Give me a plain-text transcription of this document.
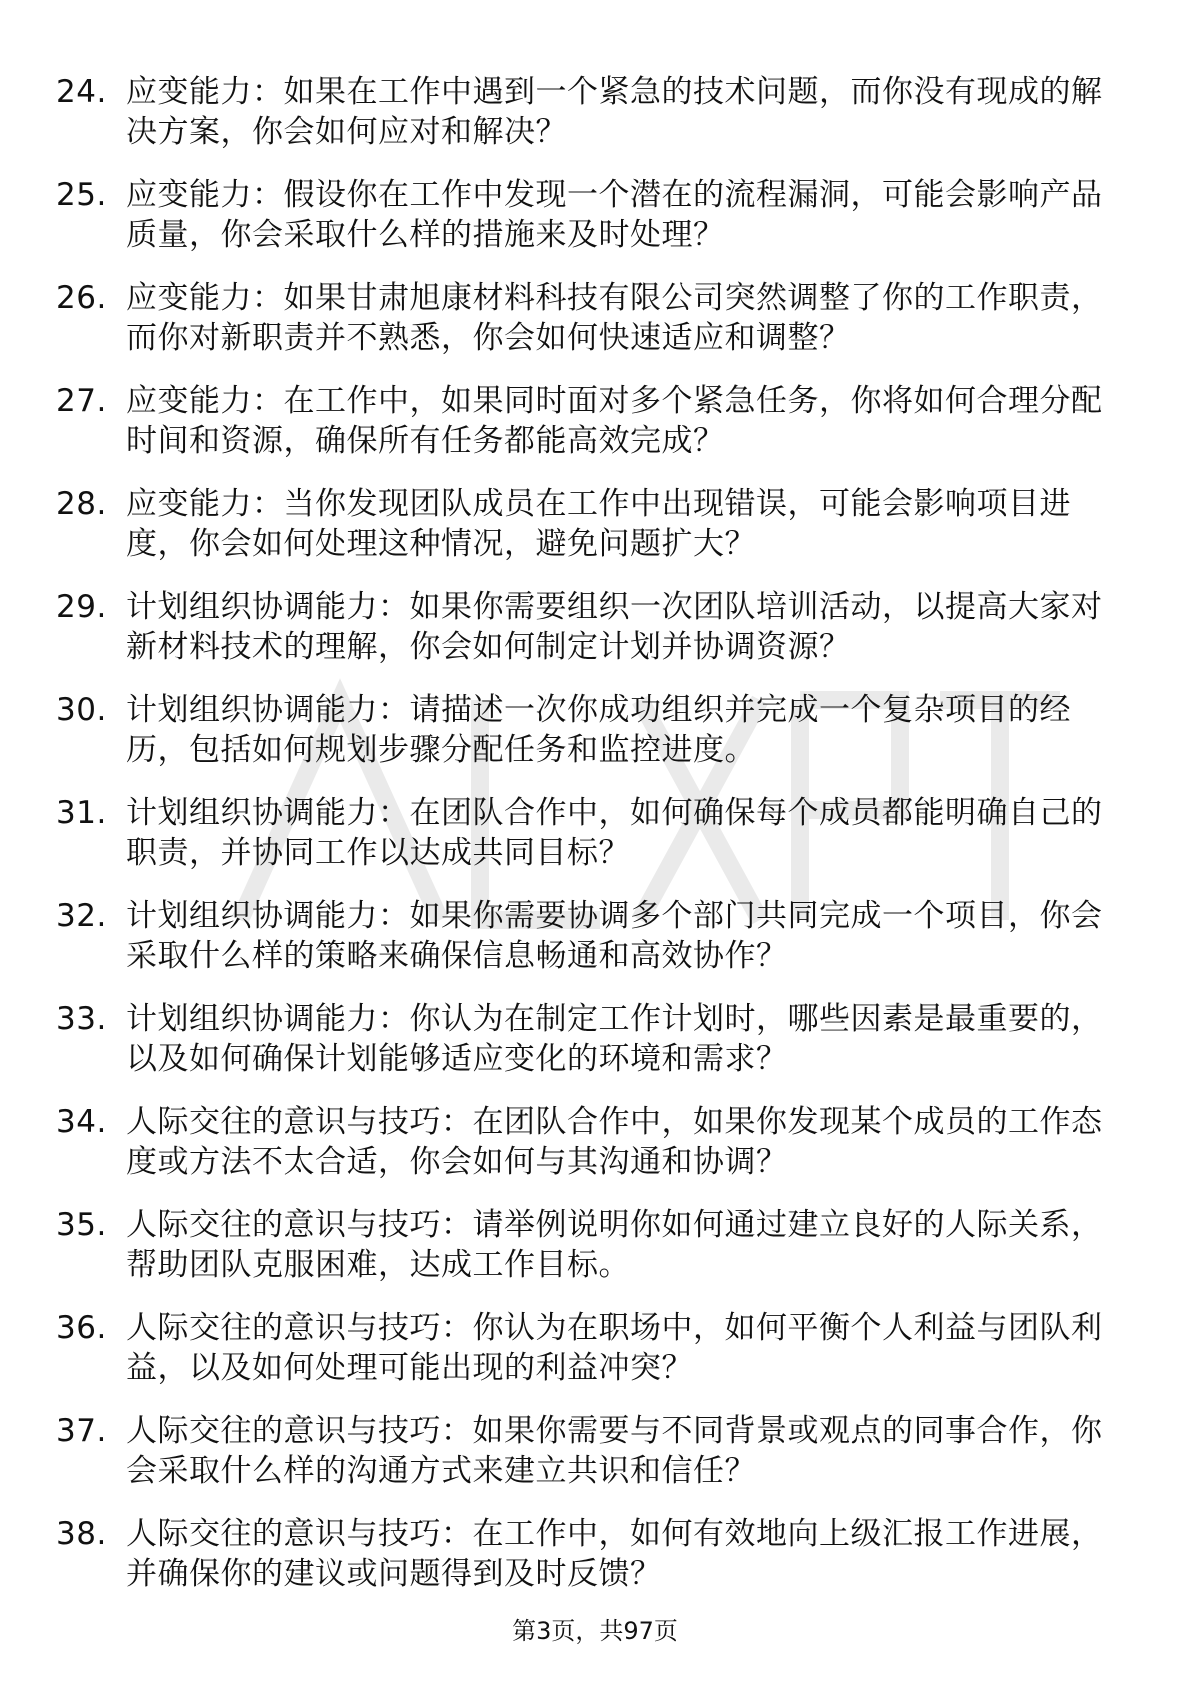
24. 应变能力：如果在工作中遇到一个紧急的技术问题，而你没有现成的解决方案，你会如何应对和解决？
25. 应变能力：假设你在工作中发现一个潜在的流程漏洞，可能会影响产品质量，你会采取什么样的措施来及时处理？
26. 应变能力：如果甘肃旭康材料科技有限公司突然调整了你的工作职责，而你对新职责并不熟悉，你会如何快速适应和调整？
27. 应变能力：在工作中，如果同时面对多个紧急任务，你将如何合理分配时间和资源，确保所有任务都能高效完成？
28. 应变能力：当你发现团队成员在工作中出现错误，可能会影响项目进度，你会如何处理这种情况，避免问题扩大？
29. 计划组织协调能力：如果你需要组织一次团队培训活动，以提高大家对新材料技术的理解，你会如何制定计划并协调资源？
30. 计划组织协调能力：请描述一次你成功组织并完成一个复杂项目的经历，包括如何规划步骤分配任务和监控进度。
31. 计划组织协调能力：在团队合作中，如何确保每个成员都能明确自己的职责，并协同工作以达成共同目标？
32. 计划组织协调能力：如果你需要协调多个部门共同完成一个项目，你会采取什么样的策略来确保信息畅通和高效协作？
33. 计划组织协调能力：你认为在制定工作计划时，哪些因素是最重要的，以及如何确保计划能够适应变化的环境和需求？
34. 人际交往的意识与技巧：在团队合作中，如果你发现某个成员的工作态度或方法不太合适，你会如何与其沟通和协调？
35. 人际交往的意识与技巧：请举例说明你如何通过建立良好的人际关系，帮助团队克服困难，达成工作目标。
36. 人际交往的意识与技巧：你认为在职场中，如何平衡个人利益与团队利益，以及如何处理可能出现的利益冲突？
37. 人际交往的意识与技巧：如果你需要与不同背景或观点的同事合作，你会采取什么样的沟通方式来建立共识和信任？
38. 人际交往的意识与技巧：在工作中，如何有效地向上级汇报工作进展，并确保你的建议或问题得到及时反馈？
第3页，共97页
